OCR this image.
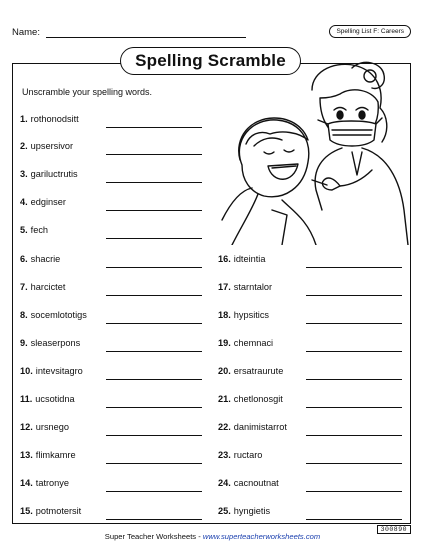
Name:	Spelling List F: Careers
Spelling Scramble
Unscramble your spelling words.
1. rothonodsitt
2. upsersivor
3. gariluctrutis
4. edginser
5. fech
6. shacrie
7. harcictet
8. socemlototigs
9. sleaserpons
10. intevsitagro
11. ucsotidna
12. ursnego
13. flimkamre
14. tatronye
15. potmotersit
16. idteintia
17. starntalor
18. hypsitics
19. chemnaci
20. ersatraurute
21. chetlonosgit
22. danimistarrot
23. ructaro
24. cacnoutnat
25. hyngietis
300890
Super Teacher Worksheets - www.superteacherworksheets.com
